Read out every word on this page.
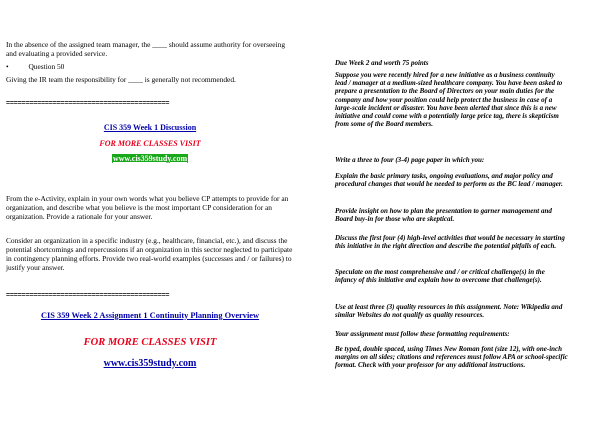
In the absence of the assigned team manager, the ____ should assume authority for overseeing and evaluating a provided service.

•	Question 50

Giving the IR team the responsibility for ____ is generally not recommended.

==========================================

CIS 359 Week 1 Discussion

FOR MORE CLASSES VISIT

www.cis359study.com

From the e-Activity, explain in your own words what you believe CP attempts to provide for an organization, and describe what you believe is the most important CP consideration for an organization. Provide a rationale for your answer.

Consider an organization in a specific industry (e.g., healthcare, financial, etc.), and discuss the potential shortcomings and repercussions if an organization in this sector neglected to participate in contingency planning efforts. Provide two real-world examples (successes and / or failures) to justify your answer.

==========================================

CIS 359 Week 2 Assignment 1 Continuity Planning Overview

FOR MORE CLASSES VISIT

www.cis359study.com

Due Week 2 and worth 75 points

Suppose you were recently hired for a new initiative as a business continuity lead / manager at a medium-sized healthcare company. You have been asked to prepare a presentation to the Board of Directors on your main duties for the company and how your position could help protect the business in case of a large-scale incident or disaster. You have been alerted that since this is a new initiative and could come with a potentially large price tag, there is skepticism from some of the Board members.

Write a three to four (3-4) page paper in which you:

Explain the basic primary tasks, ongoing evaluations, and major policy and procedural changes that would be needed to perform as the BC lead / manager.

Provide insight on how to plan the presentation to garner management and Board buy-in for those who are skeptical.

Discuss the first four (4) high-level activities that would be necessary in starting this initiative in the right direction and describe the potential pitfalls of each.

Speculate on the most comprehensive and / or critical challenge(s) in the infancy of this initiative and explain how to overcome that challenge(s).

Use at least three (3) quality resources in this assignment. Note: Wikipedia and similar Websites do not qualify as quality resources.

Your assignment must follow these formatting requirements:

Be typed, double spaced, using Times New Roman font (size 12), with one-inch margins on all sides; citations and references must follow APA or school-specific format. Check with your professor for any additional instructions.
